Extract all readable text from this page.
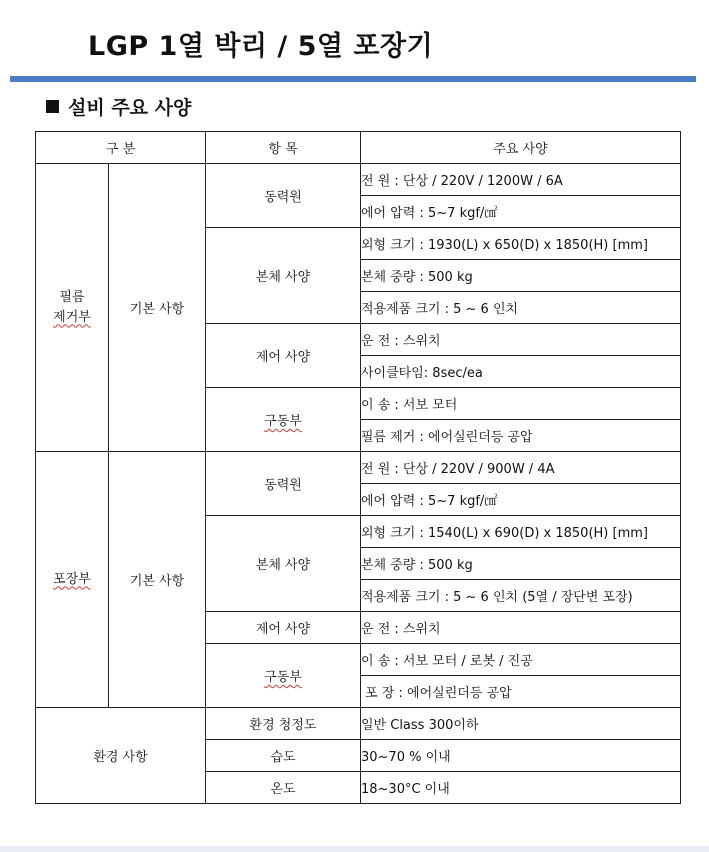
LGP 1열 박리 / 5열 포장기
설비 주요 사양
구 분		항 목	주요 사양

필름
제거부	기본 사항	동력원	전 원 : 단상 / 220V / 1200W / 6A
			에어 압력 : 5~7 kgf/㎠
		본체 사양	외형 크기 : 1930(L) x 650(D) x 1850(H) [mm]
			본체 중량 : 500 kg
			적용제품 크기 : 5 ~ 6 인치
		제어 사양	운 전 : 스위치
			사이클타임: 8sec/ea
		구동부	이 송 : 서보 모터
			필름 제거 : 에어실린더등 공압
포장부	기본 사항	동력원	전 원 : 단상 / 220V / 900W / 4A
			에어 압력 : 5~7 kgf/㎠
		본체 사양	외형 크기 : 1540(L) x 690(D) x 1850(H) [mm]
			본체 중량 : 500 kg
			적용제품 크기 : 5 ~ 6 인치 (5열 / 장단변 포장)
		제어 사양	운 전 : 스위치
		구동부	이 송 : 서보 모터 / 로봇 / 진공
			포 장 : 에어실린더등 공압
환경 사항		환경 청정도	일반 Class 300이하
		습도	30~70 % 이내
		온도	18~30°C 이내
